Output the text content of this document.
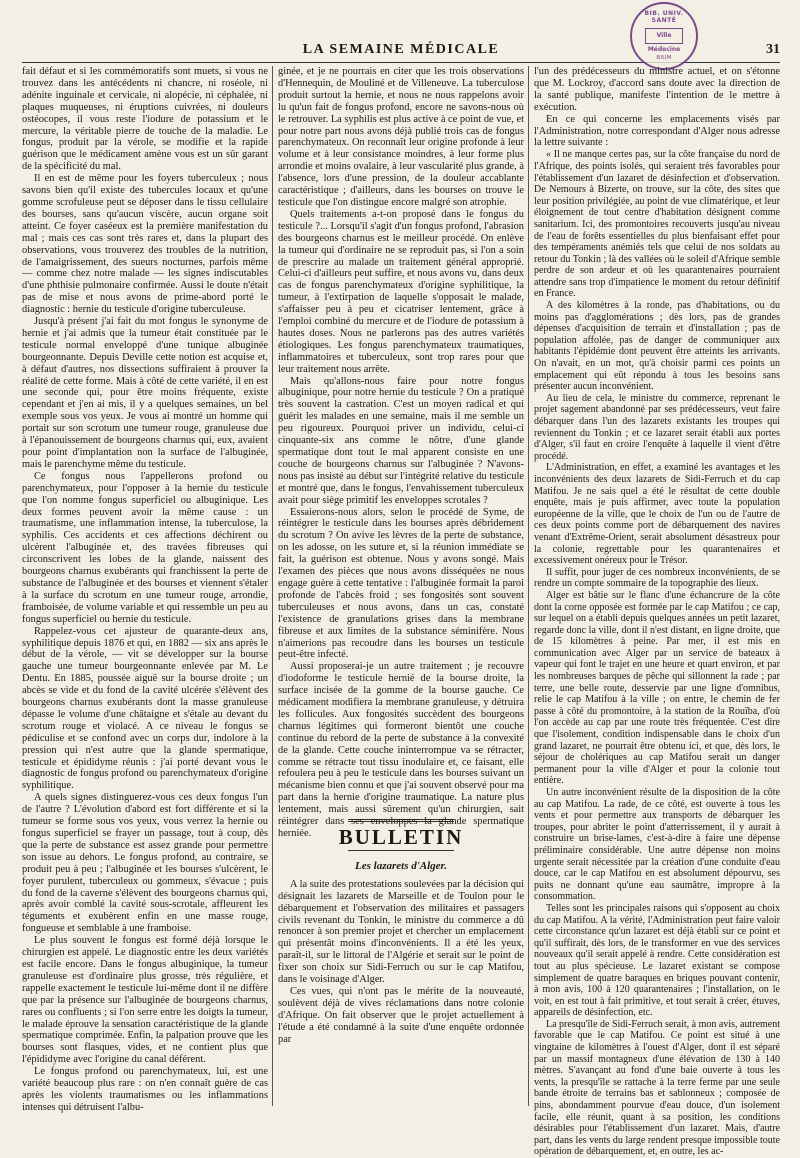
LA SEMAINE MÉDICALE	31
BIB. UNIV. SANTÉ
Ville Médecine
BIUM

fait défaut et si les commémoratifs sont muets, si vous ne trouvez dans les antécédents ni chancre, ni roséole, ni adénite inguinale et cervicale, ni alopécie, ni céphalée, ni plaques muqueuses, ni éruptions cuivrées, ni douleurs ostéocopes, il vous reste l'iodure de potassium et le mercure, la véritable pierre de touche de la maladie. Le fongus, produit par la vérole, se modifie et la rapide guérison que le médicament amène vous est un sûr garant de la spécificité du mal.

Il en est de même pour les foyers tuberculeux ; nous savons bien qu'il existe des tubercules locaux et qu'une gomme scrofuleuse peut se déposer dans le tissu cellulaire des bourses, sans qu'aucun viscère, aucun organe soit atteint. Ce foyer caséeux est la première manifestation du mal ; mais ces cas sont très rares et, dans la plupart des observations, vous trouverez des troubles de la nutrition, de l'amaigrissement, des sueurs nocturnes, parfois même — comme chez notre malade — les signes indiscutables d'une phthisie pulmonaire confirmée. Aussi le doute n'était pas de mise et nous avons de prime-abord porté le diagnostic : hernie du testicule d'origine tuberculeuse.

Jusqu'à présent j'ai fait du mot fongus le synonyme de hernie et j'ai admis que la tumeur était constituée par le testicule normal enveloppé d'une tunique albuginée bourgeonnante. Depuis Deville cette notion est acquise et, à défaut d'autres, nos dissections suffiraient à prouver la réalité de cette forme. Mais à côté de cette variété, il en est une seconde qui, pour être moins fréquente, existe cependant et j'en ai mis, il y a quelques semaines, un bel exemple sous vos yeux. Je vous ai montré un homme qui portait sur son scrotum une tumeur rouge, granuleuse due à l'épanouissement de bourgeons charnus qui, eux, avaient pour point d'implantation non la surface de l'albuginée, mais le parenchyme même du testicule.

Ce fongus nous l'appellerons profond ou parenchymateux, pour l'opposer à la hernie du testicule que l'on nomme fongus superficiel ou albuginique. Les deux formes peuvent avoir la même cause : un traumatisme, une inflammation intense, la tuberculose, la syphilis. Ces accidents et ces affections déchirent ou ulcèrent l'albuginée et, des travées fibreuses qui circonscrivent les lobes de la glande, naissent des bourgeons charnus exubérants qui franchissent la perte de substance de l'albuginée et des bourses et viennent s'étaler à la surface du scrotum en une tumeur rouge, arrondie, framboisée, de volume variable et qui ressemble un peu au fongus superficiel ou hernie du testicule.

Rappelez-vous cet ajusteur de quarante-deux ans, syphilitique depuis 1876 et qui, en 1882 — six ans après le début de la vérole, — vit se développer sur la bourse gauche une tumeur bourgeonnante enlevée par M. Le Dentu. En 1885, poussée aiguë sur la bourse droite ; un abcès se vide et du fond de la cavité ulcérée s'élèvent des bourgeons charnus exubérants dont la masse granuleuse dépasse le volume d'une châtaigne et s'étale au devant du scrotum rouge et violacé. A ce niveau le fongus se pédiculise et se confond avec un corps dur, indolore à la pression qui n'est autre que la glande spermatique, testicule et épididyme réunis : j'ai porté devant vous le diagnostic de fongus profond ou parenchymateux d'origine syphilitique.

A quels signes distinguerez-vous ces deux fongus l'un de l'autre ? L'évolution d'abord est fort différente et si la tumeur se forme sous vos yeux, vous verrez la hernie ou fongus superficiel se frayer un passage, tout à coup, dès que la perte de substance est assez grande pour permettre son issue au dehors. Le fongus profond, au contraire, se produit peu à peu ; l'albuginée et les bourses s'ulcèrent, le foyer purulent, tuberculeux ou gommeux, s'évacue ; puis du fond de la caverne s'élèvent des bourgeons charnus qui, après avoir comblé la cavité sous-scrotale, affleurent les téguments et exubèrent enfin en une masse rouge, fongueuse et semblable à une framboise.

Le plus souvent le fongus est formé déjà lorsque le chirurgien est appelé. Le diagnostic entre les deux variétés est facile encore. Dans le fongus albuginique, la tumeur granuleuse est d'ordinaire plus grosse, très régulière, et rappelle exactement le testicule lui-même dont il ne diffère que par la présence sur l'albuginée de bourgeons charnus, rares ou confluents ; si l'on serre entre les doigts la tumeur, le malade éprouve la sensation caractéristique de la glande spermatique comprimée. Enfin, la palpation prouve que les bourses sont flasques, vides, et ne contient plus que l'épididyme avec l'origine du canal déférent.

Le fongus profond ou parenchymateux, lui, est une variété beaucoup plus rare : on n'en connaît guère de cas après les violents traumatismes ou les inflammations intenses qui détruisent l'albu-

ginée, et je ne pourrais en citer que les trois observations d'Hennequin, de Mouliné et de Villeneuve. La tuberculose produit surtout la hernie, et nous ne nous rappelons avoir lu qu'un fait de fongus profond, encore ne savons-nous où le retrouver. La syphilis est plus active à ce point de vue, et pour notre part nous avons déjà publié trois cas de fongus parenchymateux. On reconnaît leur origine profonde à leur volume et à leur consistance moindres, à leur forme plus arrondie et moins ovalaire, à leur vascularité plus grande, à l'absence, lors d'une pression, de la douleur accablante caractéristique ; d'ailleurs, dans les bourses on trouve le testicule que l'on distingue encore malgré son atrophie.

Quels traitements a-t-on proposé dans le fongus du testicule ?... Lorsqu'il s'agit d'un fongus profond, l'abrasion des bourgeons charnus est le meilleur procédé. On enlève la tumeur qui d'ordinaire ne se reproduit pas, si l'on a soin de prescrire au malade un traitement général approprié. Celui-ci d'ailleurs peut suffire, et nous avons vu, dans deux cas de fongus parenchymateux d'origine syphilitique, la tumeur, à l'extirpation de laquelle s'opposait le malade, s'affaisser peu à peu et cicatriser lentement, grâce à l'emploi combiné du mercure et de l'iodure de potassium à hautes doses. Nous ne parlerons pas des autres variétés étiologiques. Les fongus parenchymateux traumatiques, inflammatoires et tuberculeux, sont trop rares pour que leur traitement nous arrête.

Mais qu'allons-nous faire pour notre fongus albuginique, pour notre hernie du testicule ? On a pratiqué très souvent la castration. C'est un moyen radical et qui guérit les malades en une semaine, mais il me semble un peu rigoureux. Pourquoi priver un individu, celui-ci cinquante-six ans comme le nôtre, d'une glande spermatique dont tout le mal apparent consiste en une couche de bourgeons charnus sur l'albuginée ? N'avons-nous pas insisté au début sur l'intégrité relative du testicule et montré que, dans le fongus, l'envahissement tuberculeux avait pour siège primitif les enveloppes scrotales ?

Essaierons-nous alors, selon le procédé de Syme, de réintégrer le testicule dans les bourses après débridement du scrotum ? On avive les lèvres de la perte de substance, on les adosse, on les suture et, si la réunion immédiate se fait, la guérison est obtenue. Nous y avons songé. Mais l'examen des pièces que nous avons disséquées ne nous engage guère à cette tentative : l'albuginée formait la paroi profonde de l'abcès froid ; ses fongosités sont souvent tuberculeuses et nous avons, dans un cas, constaté l'existence de granulations grises dans la membrane fibreuse et aux limites de la substance séminifère. Nous n'aimerions pas recoudre dans les bourses un testicule peut-être infecté.

Aussi proposerai-je un autre traitement ; je recouvre d'iodoforme le testicule hernié de la bourse droite, la surface incisée de la gomme de la bourse gauche. Ce médicament modifiera la membrane granuleuse, y détruira les follicules. Aux fongosités succèdent des bourgeons charnus légitimes qui formeront bientôt une couche continue du rebord de la perte de substance à la convexité de la glande. Cette couche ininterrompue va se rétracter, comme se rétracte tout tissu inodulaire et, ce faisant, elle refoulera peu à peu le testicule dans les bourses suivant un mécanisme bien connu et que j'ai souvent observé pour ma part dans la hernie d'origine traumatique. La nature plus lentement, mais aussi sûrement qu'un chirurgien, sait réintégrer dans ses enveloppes la glande spermatique herniée.	BULLETIN
Les lazarets d'Alger.

A la suite des protestations soulevées par la décision qui désignait les lazarets de Marseille et de Toulon pour le débarquement et l'observation des militaires et passagers civils revenant du Tonkin, le ministre du commerce a dû renoncer à son premier projet et chercher un emplacement qui présentât moins d'inconvénients. Il a été les yeux, paraît-il, sur le littoral de l'Algérie et serait sur le point de fixer son choix sur Sidi-Ferruch ou sur le cap Matifou, dans le voisinage d'Alger.

Ces vues, qui n'ont pas le mérite de la nouveauté, soulèvent déjà de vives réclamations dans notre colonie d'Afrique. On fait observer que le projet actuellement à l'étude a été condamné à la suite d'une enquête ordonnée par

l'un des prédécesseurs du ministre actuel, et on s'étonne que M. Lockroy, d'accord sans doute avec la direction de la santé publique, manifeste l'intention de le mettre à exécution.

En ce qui concerne les emplacements visés par l'Administration, notre correspondant d'Alger nous adresse la lettre suivante :

« Il ne manque certes pas, sur la côte française du nord de l'Afrique, des points isolés, qui seraient très favorables pour l'établissement d'un lazaret de désinfection et d'observation. De Nemours à Bizerte, on trouve, sur la côte, des sites que leur position privilégiée, au point de vue climatérique, et leur éloignement de tout centre d'habitation désignent comme sanitarium. Ici, des promontoires recouverts jusqu'au niveau de l'eau de forêts essentielles du plus bienfaisant effet pour des tempéraments anémiés tels que celui de nos soldats au retour du Tonkin ; là des vallées où le soleil d'Afrique semble perdre de son ardeur et où les quarantenaires pourraient attendre sans trop d'impatience le moment du retour définitif en France.

A des kilomètres à la ronde, pas d'habitations, ou du moins pas d'agglomérations ; dès lors, pas de grandes dépenses d'acquisition de terrain et d'installation ; pas de population affolée, pas de danger de communiquer aux habitants l'épidémie dont peuvent être atteints les arrivants. On n'avait, en un mot, qu'à choisir parmi ces points un emplacement qui eût répondu à tous les besoins sans présenter aucun inconvénient.

Au lieu de cela, le ministre du commerce, reprenant le projet sagement abandonné par ses prédécesseurs, veut faire débarquer dans l'un des lazarets existants les troupes qui reviennent du Tonkin ; et ce lazaret serait établi aux portes d'Alger, s'il faut en croire l'enquête à laquelle il vient d'être procédé.

L'Administration, en effet, a examiné les avantages et les inconvénients des deux lazarets de Sidi-Ferruch et du cap Matifou. Je ne sais quel a été le résultat de cette double enquête, mais je puis affirmer, avec toute la population européenne de la ville, que le choix de l'un ou de l'autre de ces deux points comme port de débarquement des navires venant d'Extrême-Orient, serait absolument désastreux pour la colonie, regrettable pour les quarantenaires et excessivement onéreux pour le Trésor.

Il suffit, pour juger de ces nombreux inconvénients, de se rendre un compte sommaire de la topographie des lieux.

Alger est bâtie sur le flanc d'une échancrure de la côte dont la corne opposée est formée par le cap Matifou ; ce cap, sur lequel on a établi depuis quelques années un petit lazaret, regarde donc la ville, dont il n'est distant, en ligne droite, que de 15 kilomètres à peine. Par mer, il est mis en communication avec Alger par un service de bateaux à vapeur qui font le trajet en une heure et quart environ, et par les nombreuses barques de pêche qui sillonnent la rade ; par terre, une belle route, desservie par une ligne d'omnibus, relie le cap Matifou à la ville ; on entre, le chemin de fer passe à côté du promontoire, à la station de la Rouïba, d'où l'on accède au cap par une route très fréquentée. C'est dire que l'isolement, condition indispensable dans le choix d'un grand lazaret, ne pourrait être obtenu ici, et que, dès lors, le séjour de cholériques au cap Matifou serait un danger permanent pour la ville d'Alger et pour la colonie tout entière.

Un autre inconvénient résulte de la disposition de la côte au cap Matifou. La rade, de ce côté, est ouverte à tous les vents et pour permettre aux transports de débarquer les troupes, pour abriter le point d'atterrissement, il y aurait à construire un brise-lames, c'est-à-dire à faire une dépense préliminaire considérable. Une autre dépense non moins urgente serait nécessitée par la création d'une conduite d'eau douce, car le cap Matifou en est absolument dépourvu, ses puits ne donnant qu'une eau saumâtre, impropre à la consommation.

Telles sont les principales raisons qui s'opposent au choix du cap Matifou. A la vérité, l'Administration peut faire valoir cette circonstance qu'un lazaret est déjà établi sur ce point et qu'il suffirait, dès lors, de le transformer en vue des services nouveaux qu'il serait appelé à rendre. Cette considération est tout au plus spécieuse. Le lazaret existant se compose simplement de quatre baraques en briques pouvant contenir, à mon avis, 100 à 120 quarantenaires ; l'installation, on le voit, en est tout à fait primitive, et tout serait à créer, étuves, appareils de désinfection, etc.

La presqu'île de Sidi-Ferruch serait, à mon avis, autrement favorable que le cap Matifou. Ce point est situé à une vingtaine de kilomètres à l'ouest d'Alger, dont il est séparé par un massif montagneux d'une élévation de 130 à 140 mètres. S'avançant au fond d'une baie ouverte à tous les vents, la presqu'île se rattache à la terre ferme par une seule bande étroite de terrains bas et sablonneux ; composée de pins, abondamment pourvue d'eau douce, d'un isolement facile, elle réunit, quant à sa position, les conditions désirables pour l'établissement d'un lazaret. Mais, d'autre part, dans les vents du large rendent presque impossible toute opération de débarquement, et, en outre, les ac-
